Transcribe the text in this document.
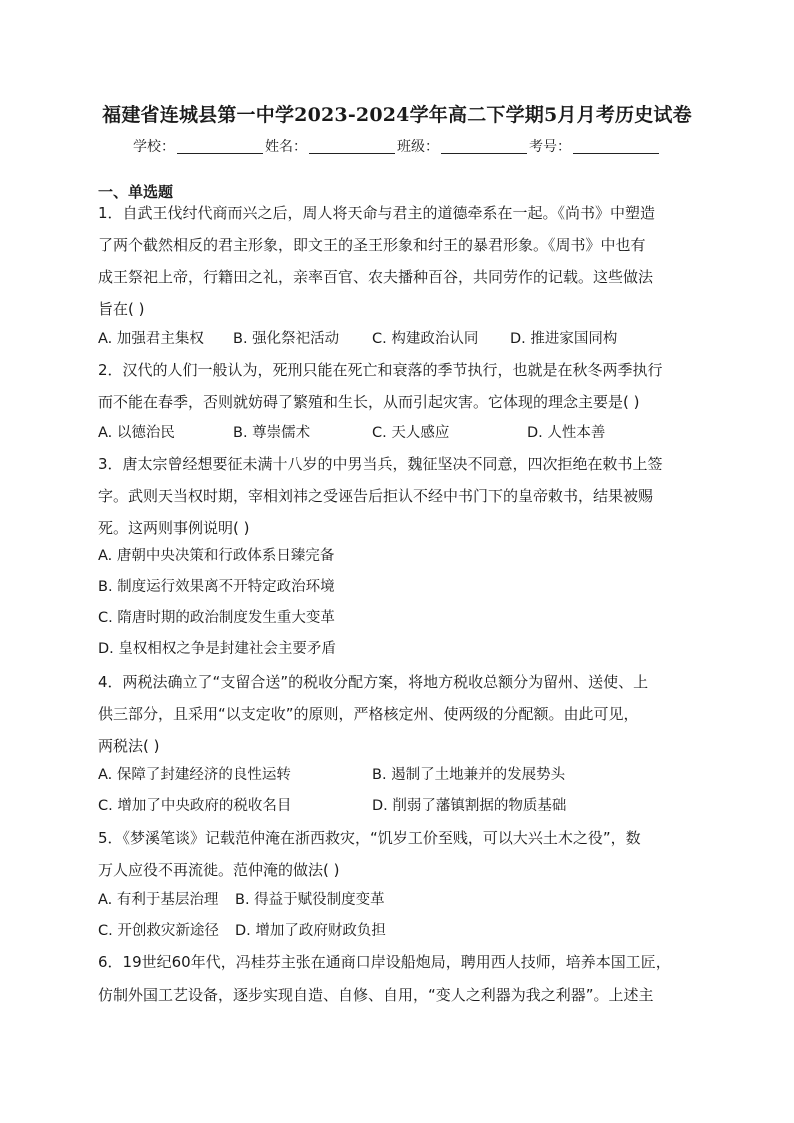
福建省连城县第一中学2023-2024学年高二下学期5月月考历史试卷
学校：	姓名：	班级：	考号：
一、单选题
1．自武王伐纣代商而兴之后，周人将天命与君主的道德牵系在一起。《尚书》中塑造
了两个截然相反的君主形象，即文王的圣王形象和纣王的暴君形象。《周书》中也有
成王祭祀上帝，行籍田之礼，亲率百官、农夫播种百谷，共同劳作的记载。这些做法
旨在( )
A. 加强君主集权 B. 强化祭祀活动 C. 构建政治认同 D. 推进家国同构
2．汉代的人们一般认为，死刑只能在死亡和衰落的季节执行，也就是在秋冬两季执行
而不能在春季，否则就妨碍了繁殖和生长，从而引起灾害。它体现的理念主要是( )
A. 以德治民	B. 尊崇儒术	C. 天人感应	D. 人性本善
3．唐太宗曾经想要征未满十八岁的中男当兵，魏征坚决不同意，四次拒绝在敕书上签
字。武则天当权时期，宰相刘祎之受诬告后拒认不经中书门下的皇帝敕书，结果被赐
死。这两则事例说明( )
A. 唐朝中央决策和行政体系日臻完备
B. 制度运行效果离不开特定政治环境
C. 隋唐时期的政治制度发生重大变革
D. 皇权相权之争是封建社会主要矛盾
4．两税法确立了“支留合送”的税收分配方案，将地方税收总额分为留州、送使、上
供三部分，且采用“以支定收”的原则，严格核定州、使两级的分配额。由此可见，
两税法( )
A. 保障了封建经济的良性运转	B. 遏制了土地兼并的发展势头
C. 增加了中央政府的税收名目	D. 削弱了藩镇割据的物质基础
5．《梦溪笔谈》记载范仲淹在浙西救灾，“饥岁工价至贱，可以大兴土木之役”，数
万人应役不再流徙。范仲淹的做法( )
A. 有利于基层治理 B. 得益于赋役制度变革
C. 开创救灾新途径 D. 增加了政府财政负担
6．19世纪60年代，冯桂芬主张在通商口岸设船炮局，聘用西人技师，培养本国工匠，
仿制外国工艺设备，逐步实现自造、自修、自用，“变人之利器为我之利器”。上述主
